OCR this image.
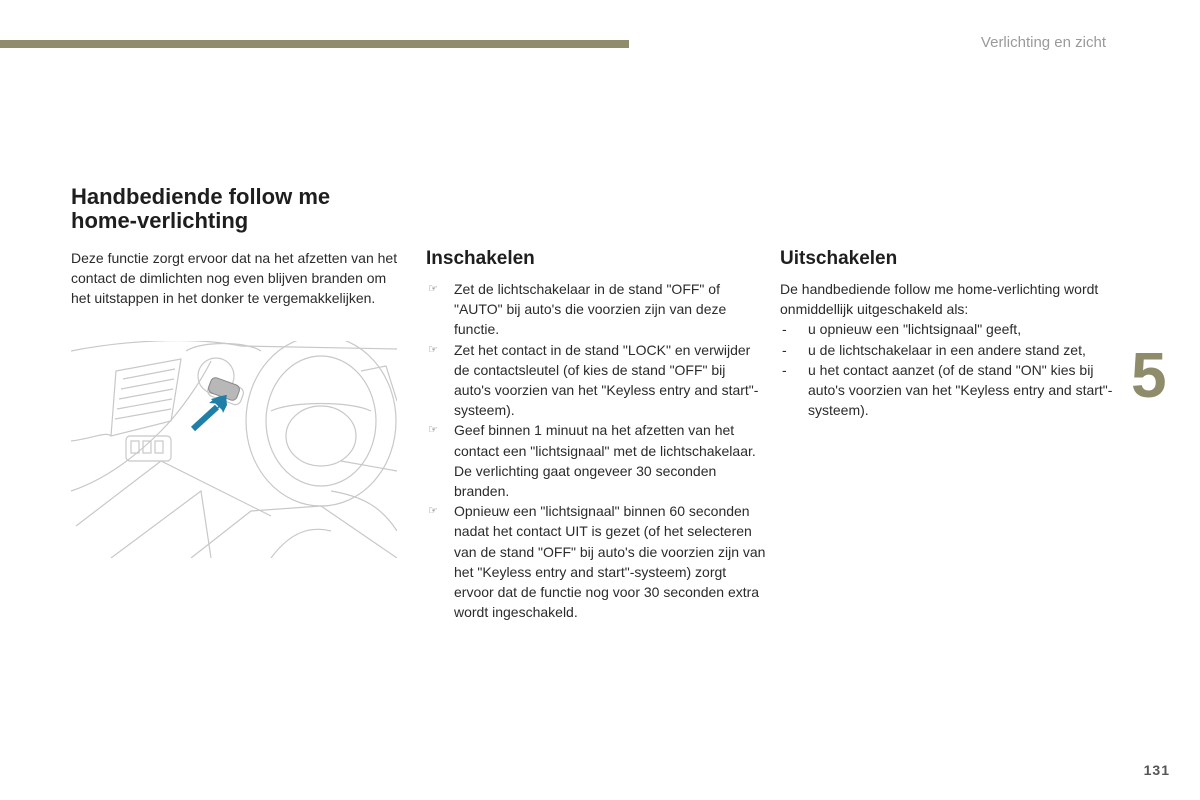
Verlichting en zicht
Handbediende follow me home-verlichting

Deze functie zorgt ervoor dat na het afzetten van het contact de dimlichten nog even blijven branden om het uitstappen in het donker te vergemakkelijken.

Inschakelen
☞ Zet de lichtschakelaar in de stand "OFF" of "AUTO" bij auto's die voorzien zijn van deze functie.
☞ Zet het contact in de stand "LOCK" en verwijder de contactsleutel (of kies de stand "OFF" bij auto's voorzien van het "Keyless entry and start"-systeem).
☞ Geef binnen 1 minuut na het afzetten van het contact een "lichtsignaal" met de lichtschakelaar.
De verlichting gaat ongeveer 30 seconden branden.
☞ Opnieuw een "lichtsignaal" binnen 60 seconden nadat het contact UIT is gezet (of het selecteren van de stand "OFF" bij auto's die voorzien zijn van het "Keyless entry and start"-systeem) zorgt ervoor dat de functie nog voor 30 seconden extra wordt ingeschakeld.
Uitschakelen

De handbediende follow me home-verlichting wordt onmiddellijk uitgeschakeld als:

- u opnieuw een "lichtsignaal" geeft,
- u de lichtschakelaar in een andere stand zet,
- u het contact aanzet (of de stand "ON" kies bij auto's voorzien van het "Keyless entry and start"-systeem).	5
131
